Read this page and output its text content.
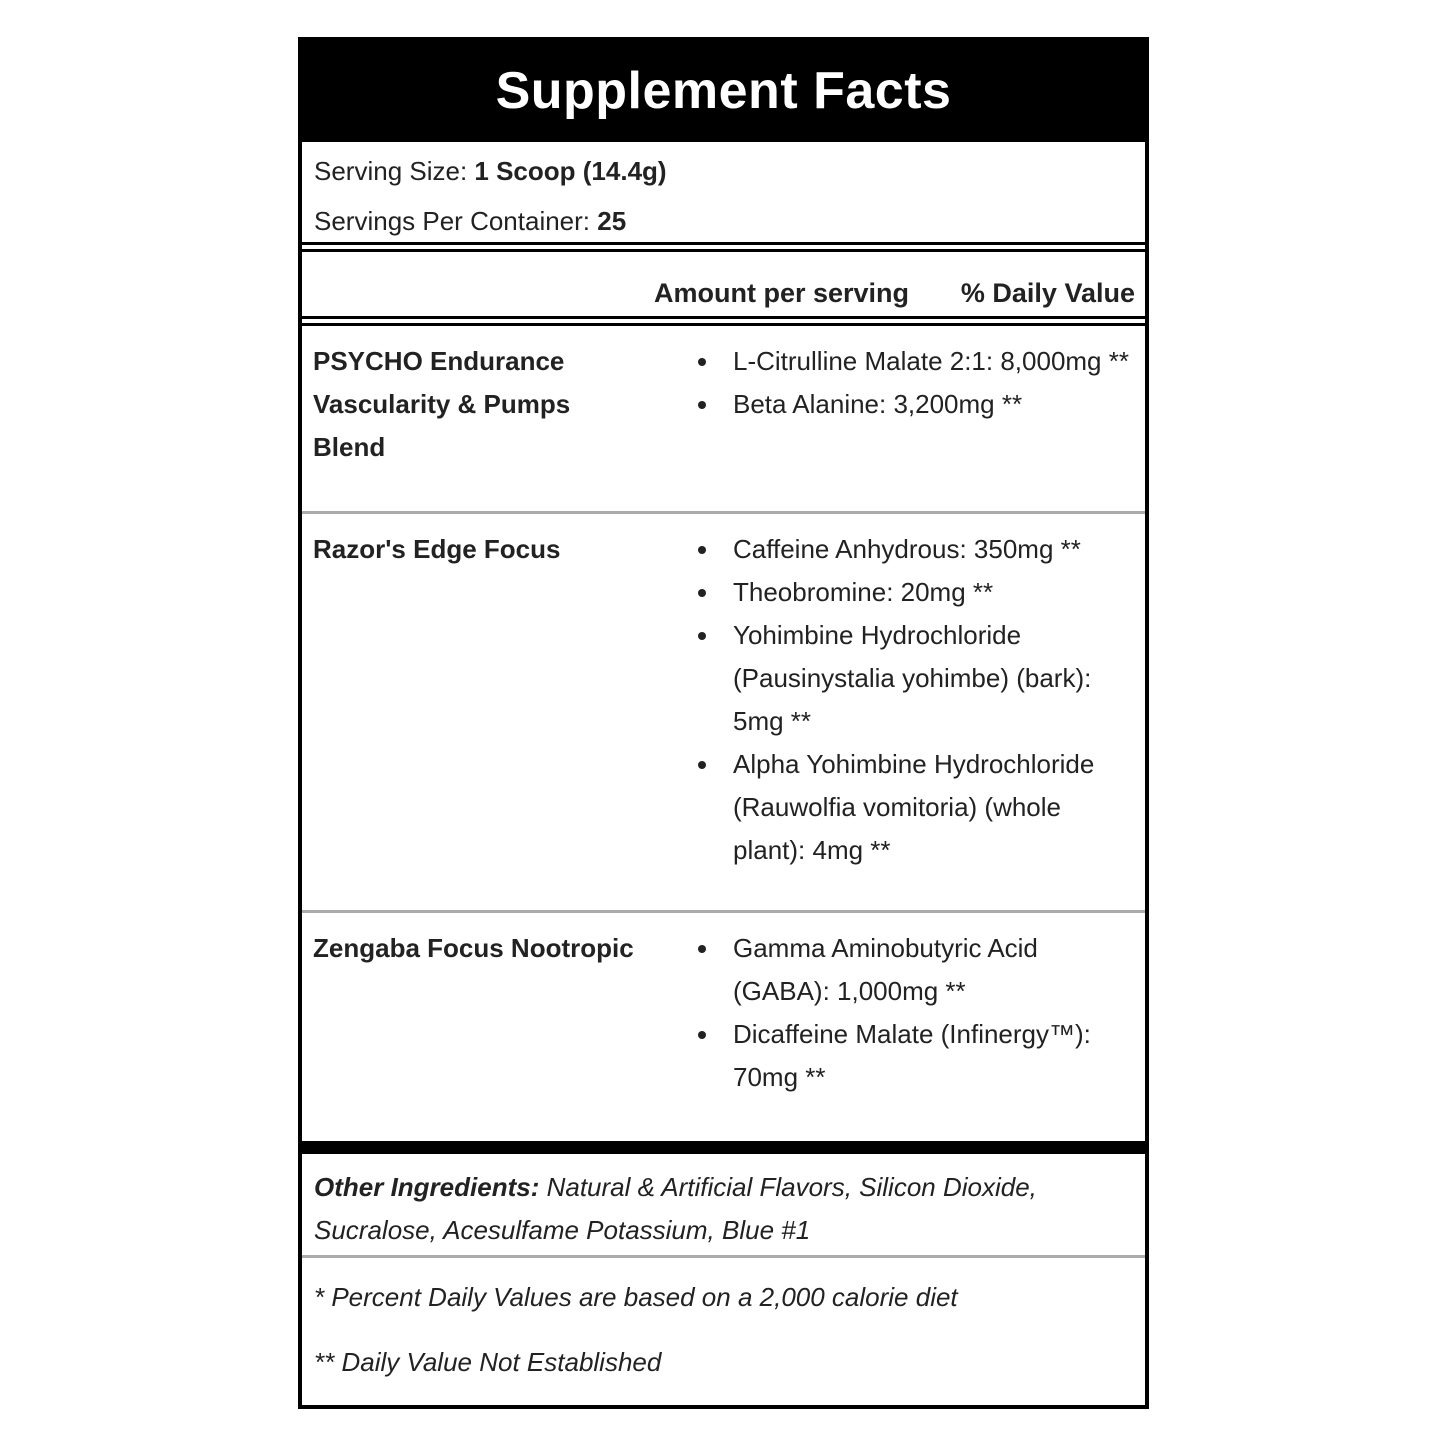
Supplement Facts
Serving Size: 1 Scoop (14.4g)
Servings Per Container: 25
Amount per serving % Daily Value
PSYCHO Endurance Vascularity & Pumps Blend
L-Citrulline Malate 2:1: 8,000mg **
Beta Alanine: 3,200mg **
Razor's Edge Focus	Caffeine Anhydrous: 350mg **
Theobromine: 20mg **
Yohimbine Hydrochloride (Pausinystalia yohimbe) (bark): 5mg **
Alpha Yohimbine Hydrochloride (Rauwolfia vomitoria) (whole plant): 4mg **
Zengaba Focus Nootropic	Gamma Aminobutyric Acid (GABA): 1,000mg **
Dicaffeine Malate (Infinergy™): 70mg **
Other Ingredients: Natural & Artificial Flavors, Silicon Dioxide, Sucralose, Acesulfame Potassium, Blue #1
* Percent Daily Values are based on a 2,000 calorie diet
** Daily Value Not Established
